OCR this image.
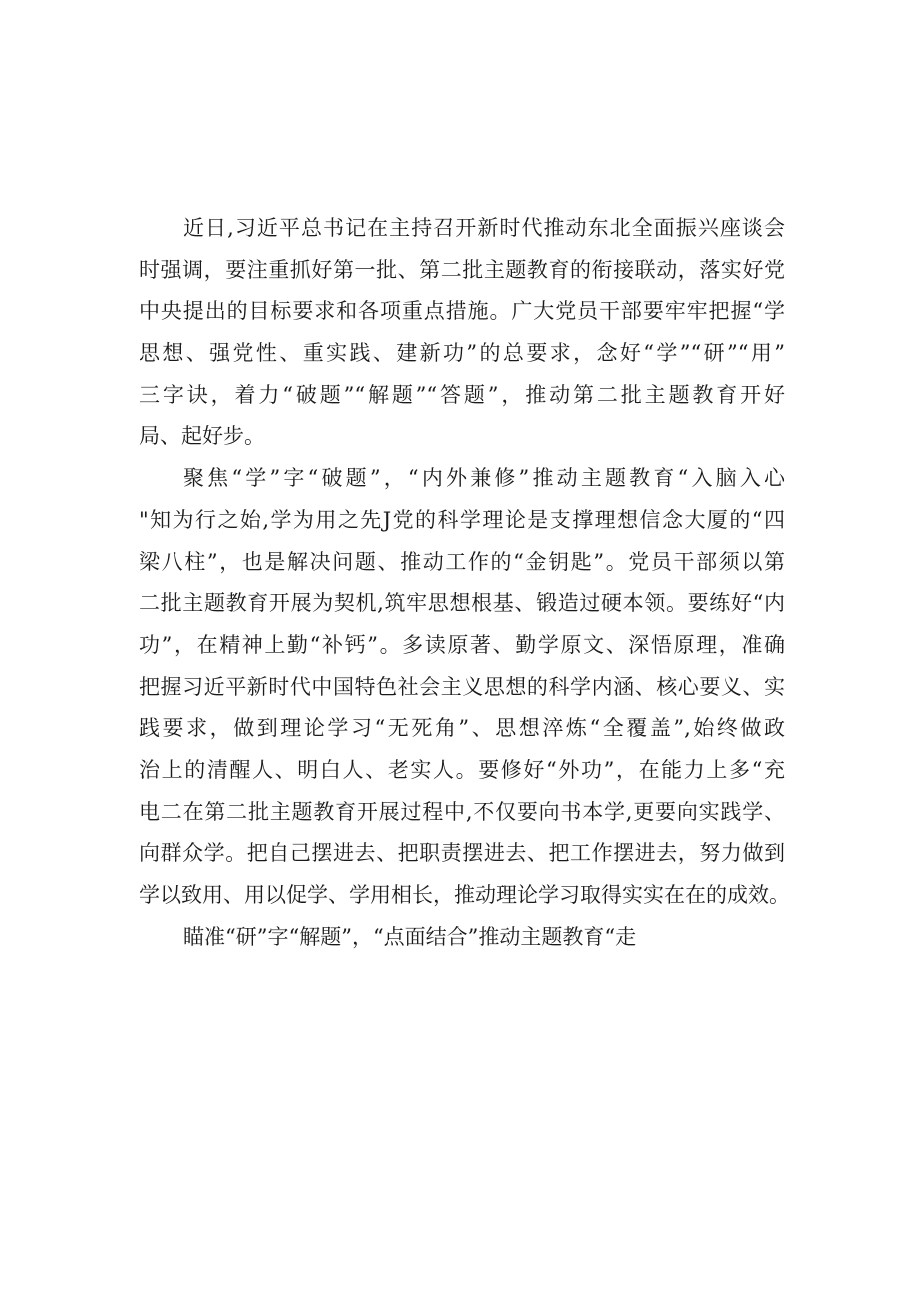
近日,习近平总书记在主持召开新时代推动东北全面振兴座谈会
时强调，要注重抓好第一批、第二批主题教育的衔接联动，落实好党
中央提出的目标要求和各项重点措施。广大党员干部要牢牢把握“学
思想、强党性、重实践、建新功”的总要求，念好“学”“研”“用”
三字诀，着力“破题”“解题”“答题”，推动第二批主题教育开好
局、起好步。
聚焦“学”字“破题”，“内外兼修”推动主题教育“入脑入心
"知为行之始,学为用之先J党的科学理论是支撑理想信念大厦的“四
梁八柱”，也是解决问题、推动工作的“金钥匙”。党员干部须以第
二批主题教育开展为契机,筑牢思想根基、锻造过硬本领。要练好“内
功”，在精神上勤“补钙”。多读原著、勤学原文、深悟原理，准确
把握习近平新时代中国特色社会主义思想的科学内涵、核心要义、实
践要求，做到理论学习“无死角”、思想淬炼“全覆盖”,始终做政
治上的清醒人、明白人、老实人。要修好“外功”，在能力上多“充
电二在第二批主题教育开展过程中,不仅要向书本学,更要向实践学、
向群众学。把自己摆进去、把职责摆进去、把工作摆进去，努力做到
学以致用、用以促学、学用相长，推动理论学习取得实实在在的成效。
瞄准“研”字“解题”，“点面结合”推动主题教育“走
